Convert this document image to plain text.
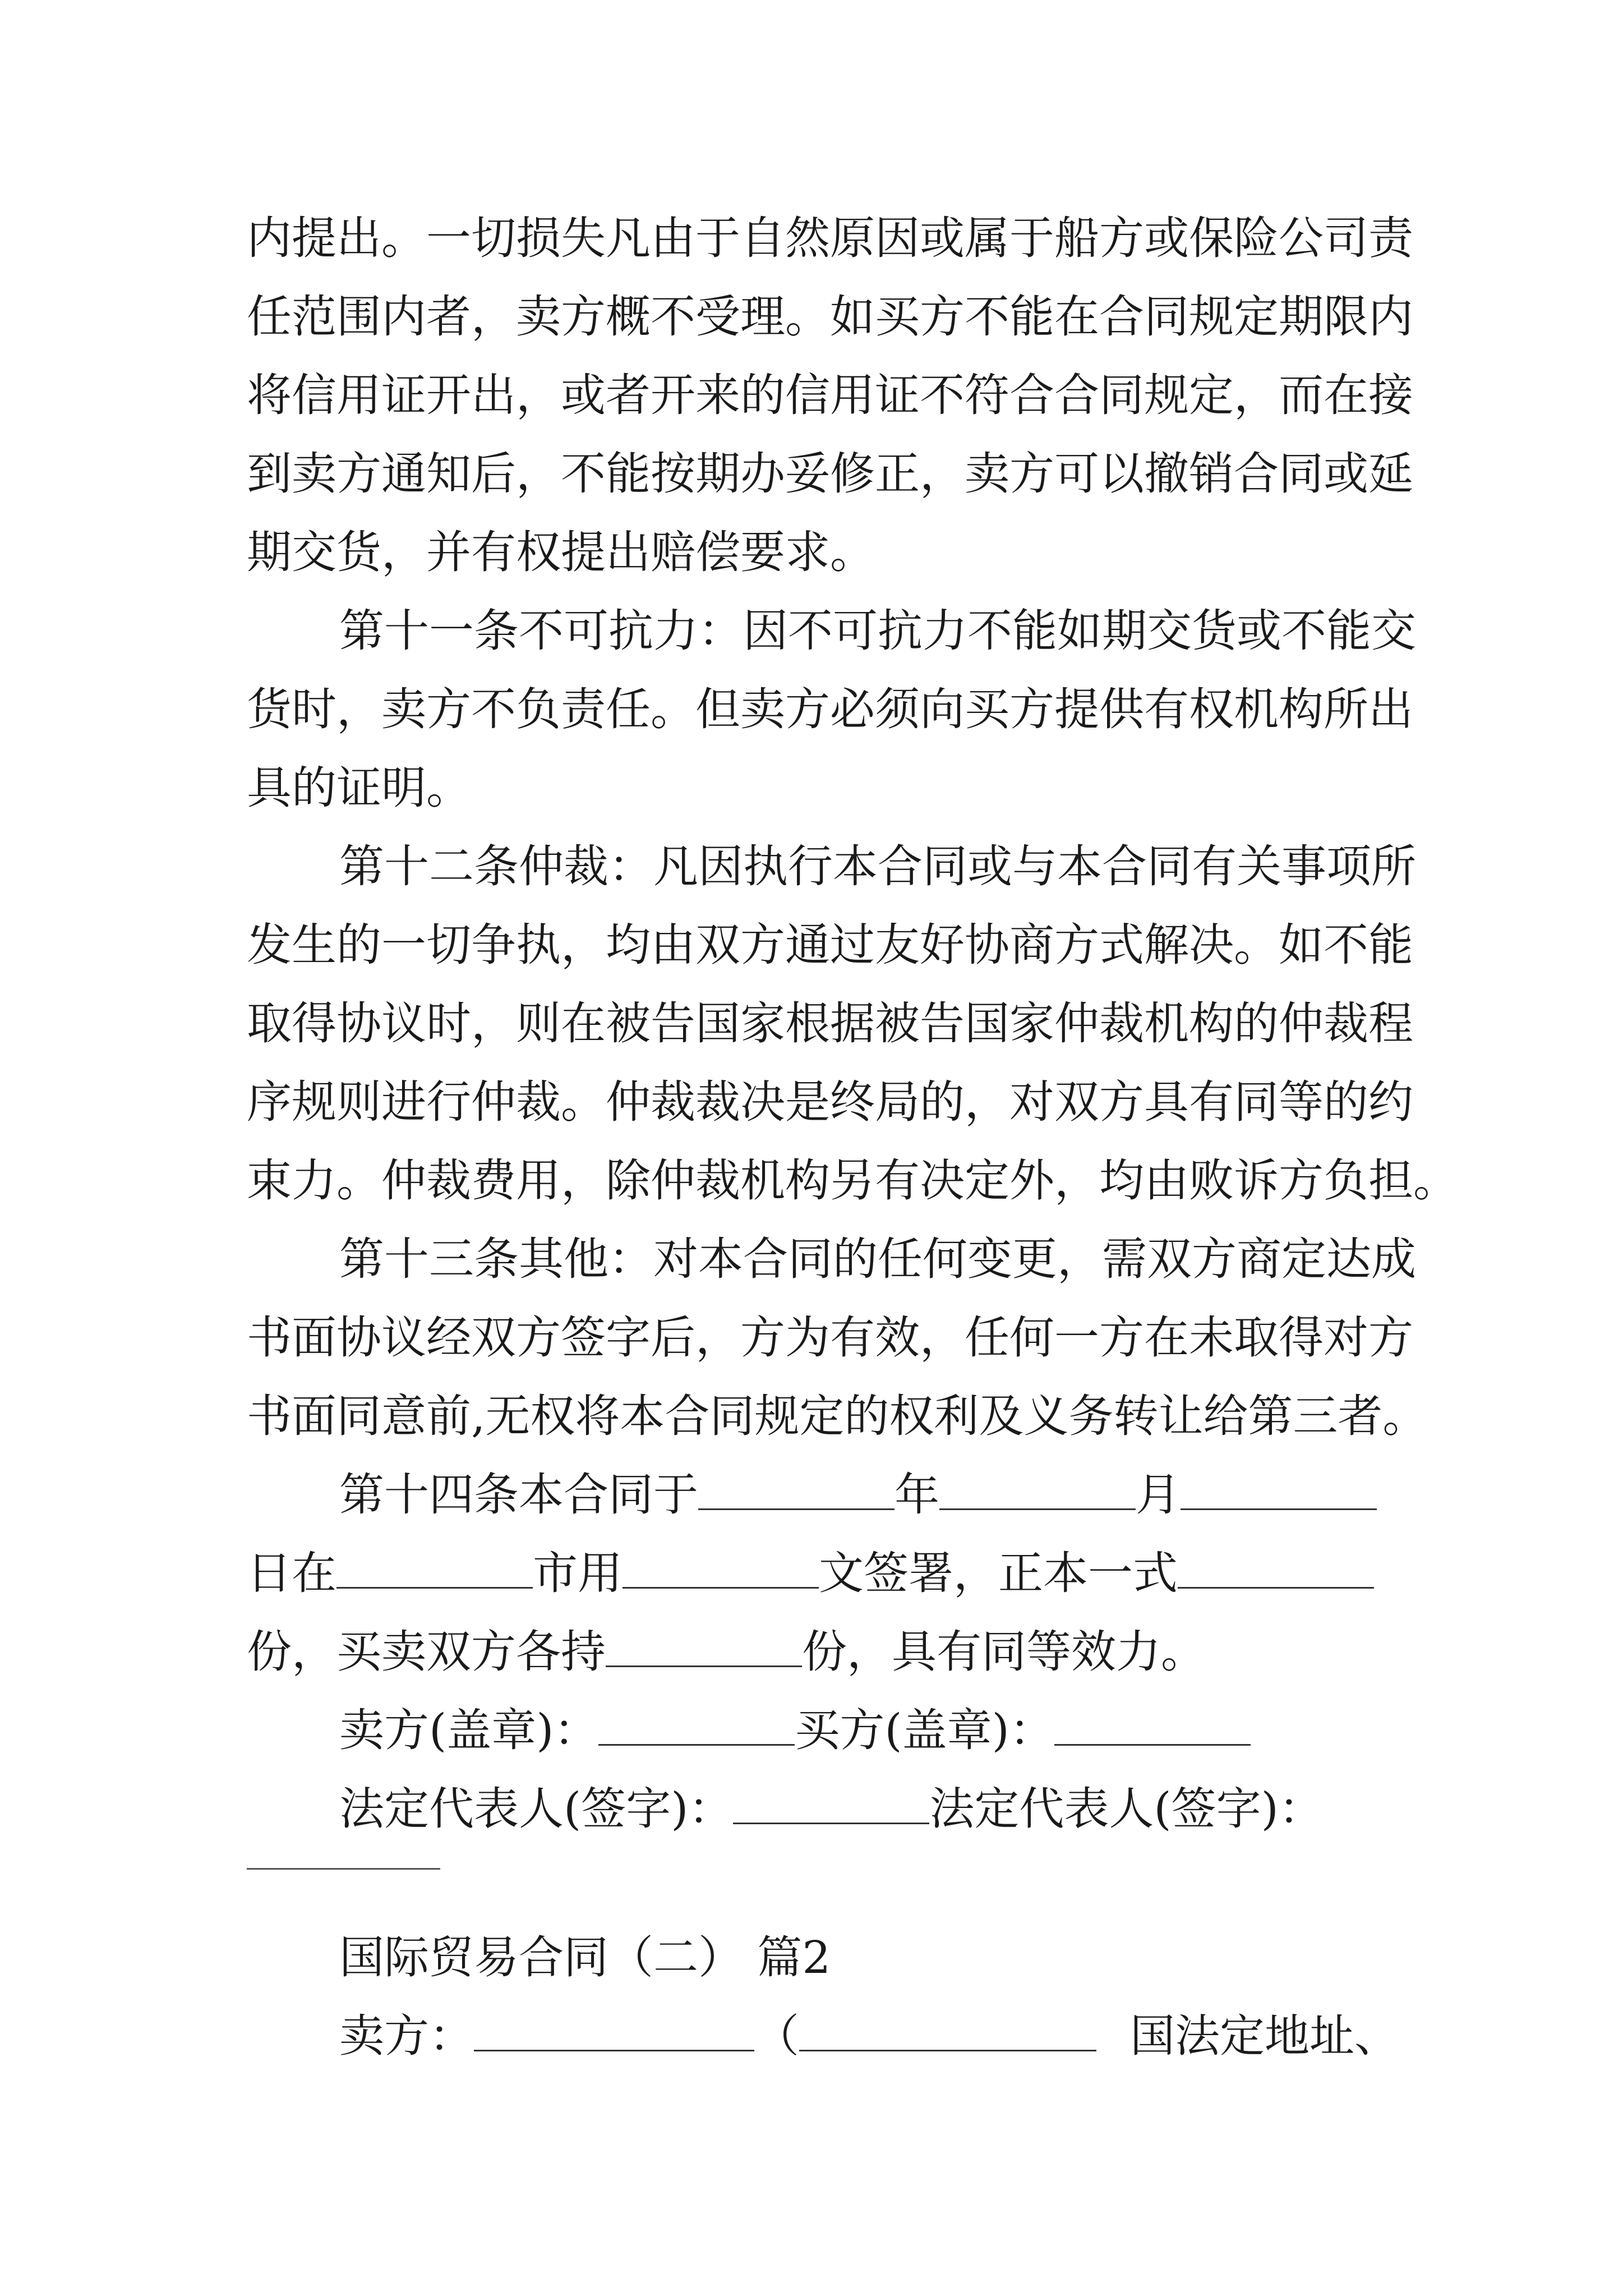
内提出。一切损失凡由于自然原因或属于船方或保险公司责
任范围内者，卖方概不受理。如买方不能在合同规定期限内
将信用证开出，或者开来的信用证不符合合同规定，而在接
到卖方通知后，不能按期办妥修正，卖方可以撤销合同或延
期交货，并有权提出赔偿要求。
第十一条不可抗力：因不可抗力不能如期交货或不能交
货时，卖方不负责任。但卖方必须向买方提供有权机构所出
具的证明。
第十二条仲裁：凡因执行本合同或与本合同有关事项所
发生的一切争执，均由双方通过友好协商方式解决。如不能
取得协议时，则在被告国家根据被告国家仲裁机构的仲裁程
序规则进行仲裁。仲裁裁决是终局的，对双方具有同等的约
束力。仲裁费用，除仲裁机构另有决定外，均由败诉方负担。
第十三条其他：对本合同的任何变更，需双方商定达成
书面协议经双方签字后，方为有效，任何一方在未取得对方
书面同意前,无权将本合同规定的权利及义务转让给第三者。
第十四条本合同于	年	月
日在	市用	文签署，正本一式
份，买卖双方各持	份，具有同等效力。
卖方(盖章)：	买方(盖章)：
法定代表人(签字)：	法定代表人(签字)：
国际贸易合同（二） 篇2
卖方：	（	国法定地址、
